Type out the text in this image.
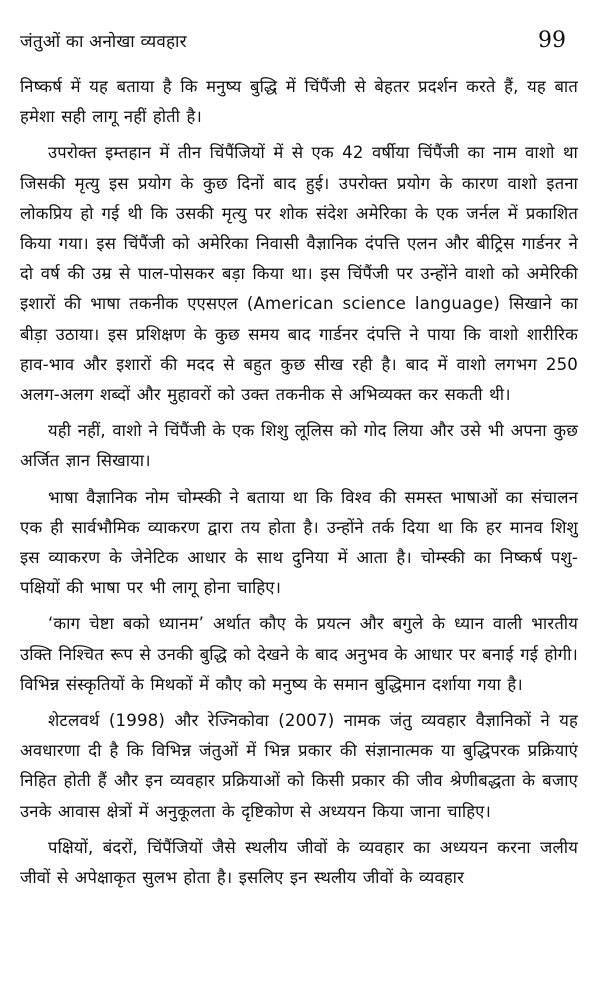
जंतुओं का अनोखा व्यवहार	99

निष्कर्ष में यह बताया है कि मनुष्य बुद्धि में चिंपैंजी से बेहतर प्रदर्शन करते हैं, यह बात हमेशा सही लागू नहीं होती है।

उपरोक्त इम्तहान में तीन चिंपैंजियों में से एक 42 वर्षीया चिंपैंजी का नाम वाशो था जिसकी मृत्यु इस प्रयोग के कुछ दिनों बाद हुई। उपरोक्त प्रयोग के कारण वाशो इतना लोकप्रिय हो गई थी कि उसकी मृत्यु पर शोक संदेश अमेरिका के एक जर्नल में प्रकाशित किया गया। इस चिंपैंजी को अमेरिका निवासी वैज्ञानिक दंपत्ति एलन और बीट्रिस गार्डनर ने दो वर्ष की उम्र से पाल-पोसकर बड़ा किया था। इस चिंपैंजी पर उन्होंने वाशो को अमेरिकी इशारों की भाषा तकनीक एएसएल (American science language) सिखाने का बीड़ा उठाया। इस प्रशिक्षण के कुछ समय बाद गार्डनर दंपत्ति ने पाया कि वाशो शारीरिक हाव-भाव और इशारों की मदद से बहुत कुछ सीख रही है। बाद में वाशो लगभग 250 अलग-अलग शब्दों और मुहावरों को उक्त तकनीक से अभिव्यक्त कर सकती थी।

यही नहीं, वाशो ने चिंपैंजी के एक शिशु लूलिस को गोद लिया और उसे भी अपना कुछ अर्जित ज्ञान सिखाया।

भाषा वैज्ञानिक नोम चोम्स्की ने बताया था कि विश्व की समस्त भाषाओं का संचालन एक ही सार्वभौमिक व्याकरण द्वारा तय होता है। उन्होंने तर्क दिया था कि हर मानव शिशु इस व्याकरण के जेनेटिक आधार के साथ दुनिया में आता है। चोम्स्की का निष्कर्ष पशु-पक्षियों की भाषा पर भी लागू होना चाहिए।

‘काग चेष्टा बको ध्यानम’ अर्थात कौए के प्रयत्न और बगुले के ध्यान वाली भारतीय उक्ति निश्चित रूप से उनकी बुद्धि को देखने के बाद अनुभव के आधार पर बनाई गई होगी। विभिन्न संस्कृतियों के मिथकों में कौए को मनुष्य के समान बुद्धिमान दर्शाया गया है।

शेटलवर्थ (1998) और रेज्निकोवा (2007) नामक जंतु व्यवहार वैज्ञानिकों ने यह अवधारणा दी है कि विभिन्न जंतुओं में भिन्न प्रकार की संज्ञानात्मक या बुद्धिपरक प्रक्रियाएं निहित होती हैं और इन व्यवहार प्रक्रियाओं को किसी प्रकार की जीव श्रेणीबद्धता के बजाए उनके आवास क्षेत्रों में अनुकूलता के दृष्टिकोण से अध्ययन किया जाना चाहिए।

पक्षियों, बंदरों, चिंपैंजियों जैसे स्थलीय जीवों के व्यवहार का अध्ययन करना जलीय जीवों से अपेक्षाकृत सुलभ होता है। इसलिए इन स्थलीय जीवों के व्यवहार
